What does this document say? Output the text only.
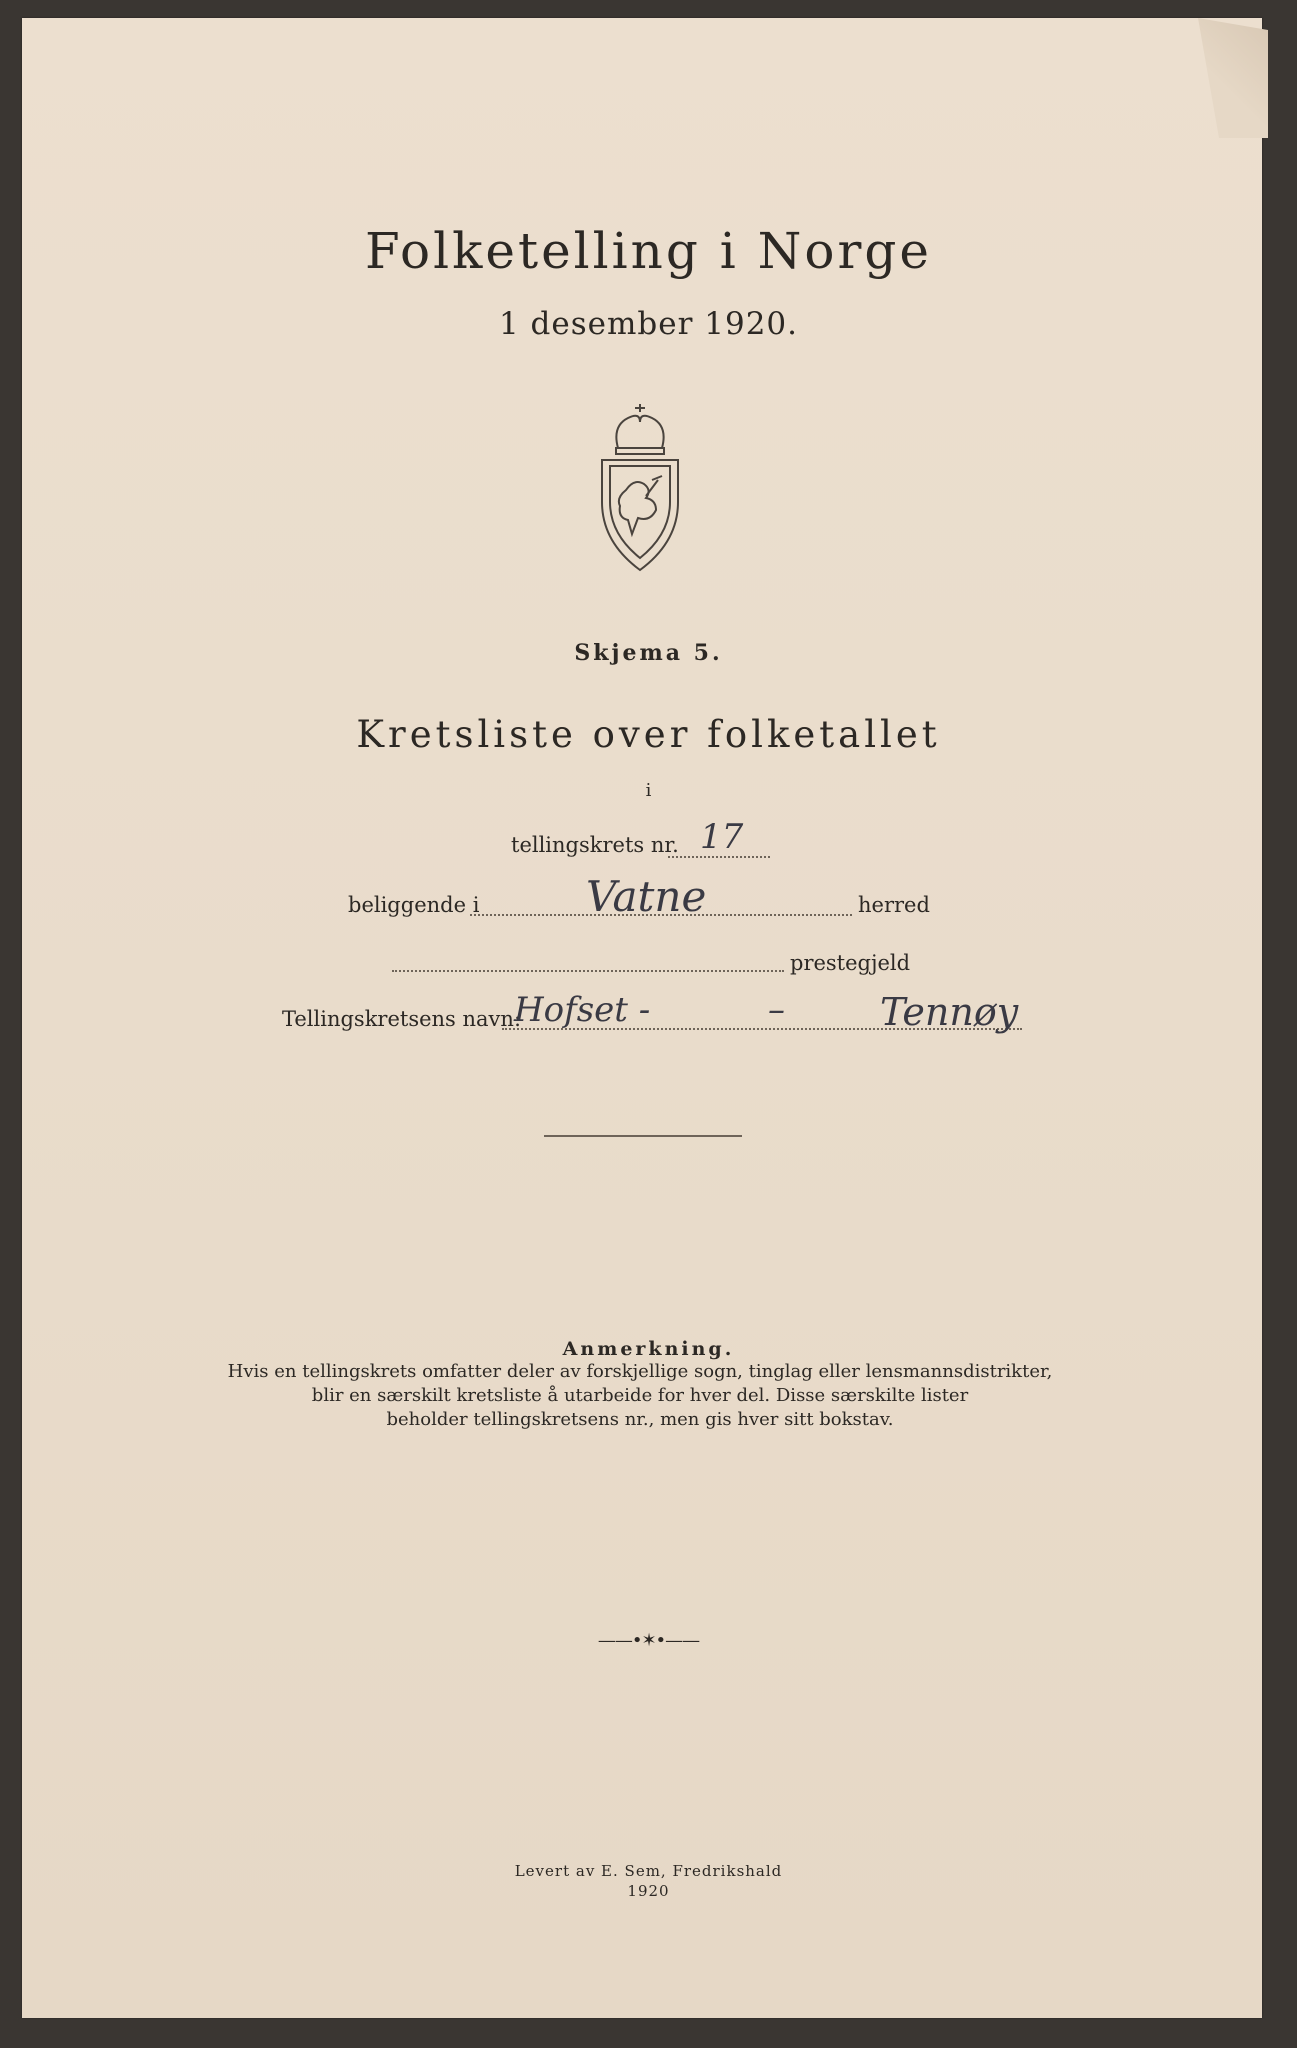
Folketelling i Norge
1 desember 1920.
Skjema 5.
Kretsliste over folketallet
i
tellingskrets nr. 17
beliggende i	Vatne	herred
prestegjeld
Tellingskretsens navn:
Hofset -	–	Tennøy
Anmerkning.
Hvis en tellingskrets omfatter deler av forskjellige sogn, tinglag eller lensmannsdistrikter,
blir en særskilt kretsliste å utarbeide for hver del. Disse særskilte lister
beholder tellingskretsens nr., men gis hver sitt bokstav.
——•✶•——
Levert av E. Sem, Fredrikshald
1920
